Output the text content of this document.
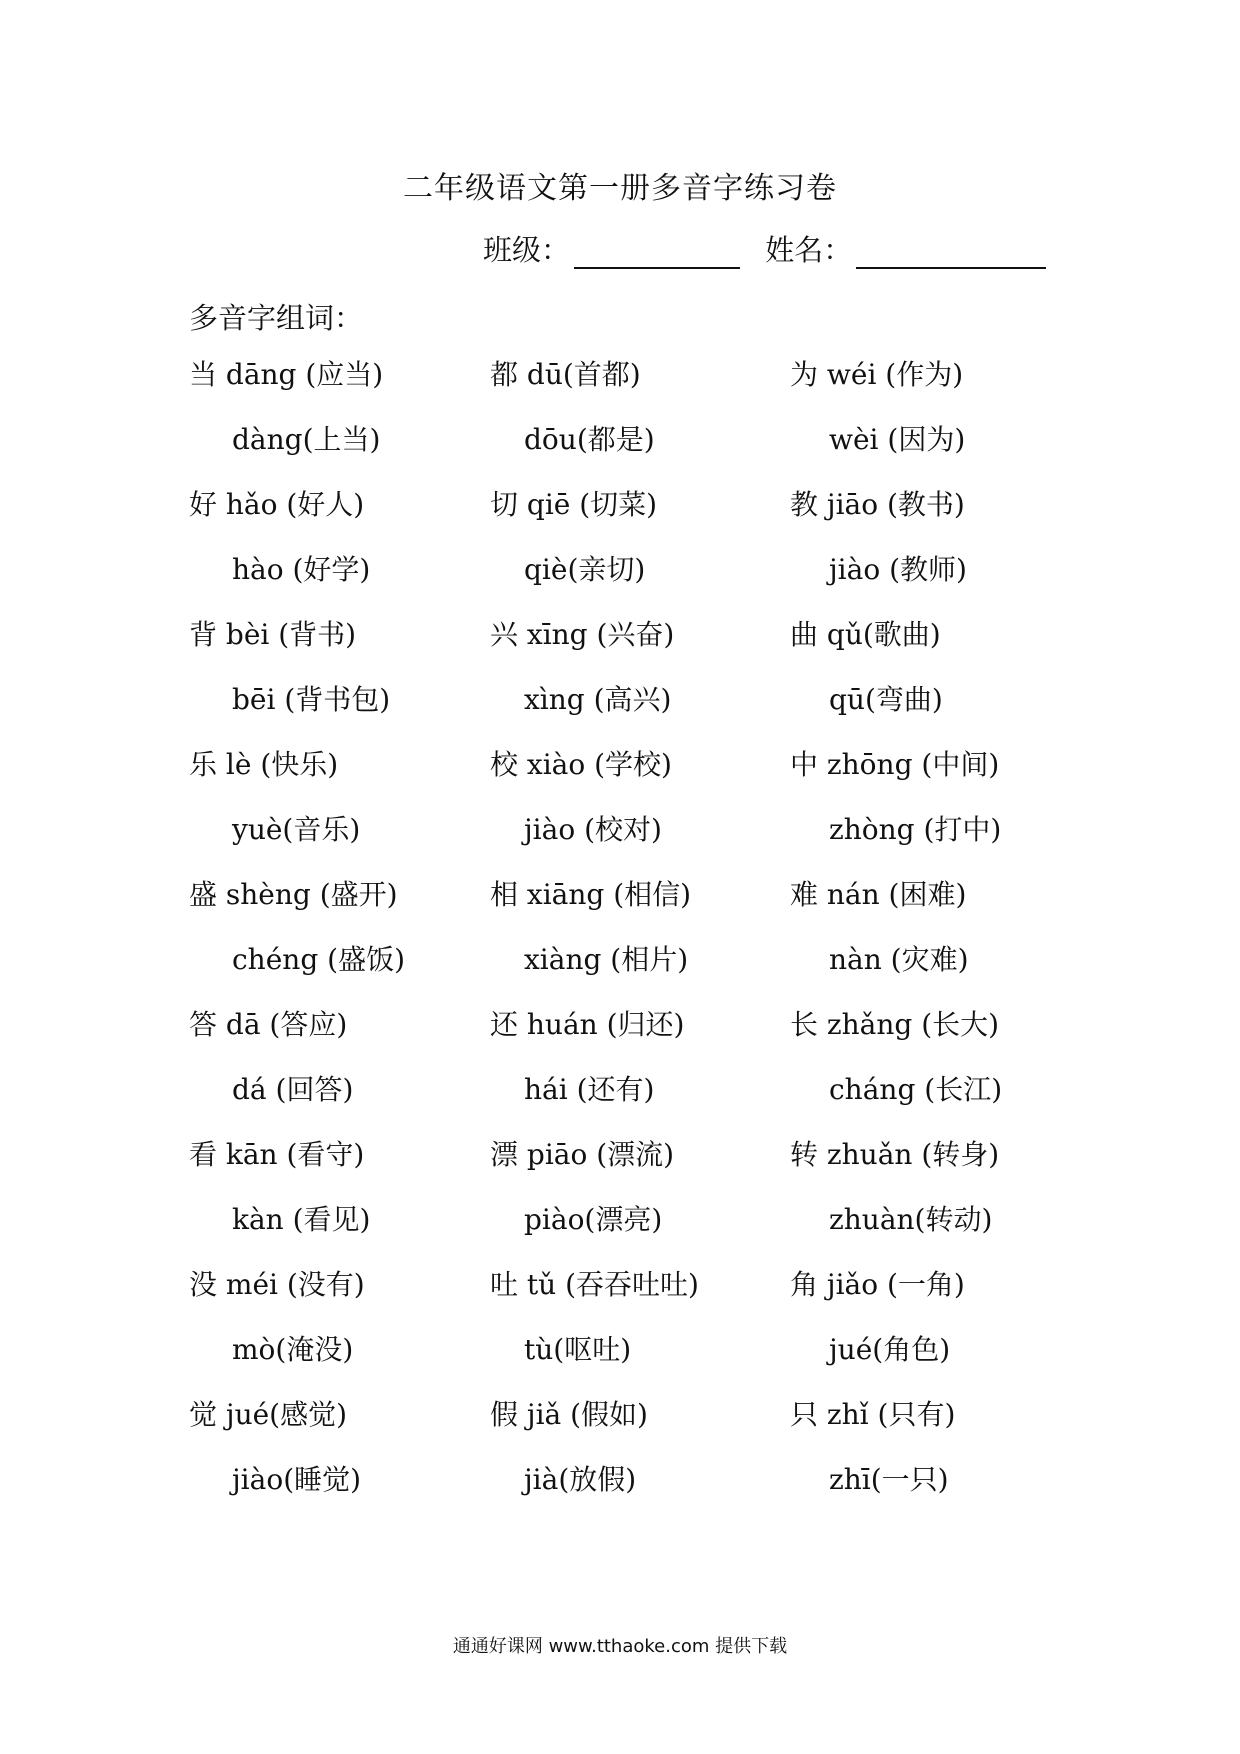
二年级语文第一册多音字练习卷
班级：	姓名：
多音字组词：
当 dāng (应当)	都 dū(首都)	为 wéi (作为)
dàng(上当)	dōu(都是)	wèi (因为)
好 hǎo (好人)	切 qiē (切菜)	教 jiāo (教书)
hào (好学)	qiè(亲切)	jiào (教师)
背 bèi (背书)	兴 xīng (兴奋)	曲 qǔ(歌曲)
bēi (背书包)	xìng (高兴)	qū(弯曲)
乐 lè (快乐)	校 xiào (学校)	中 zhōng (中间)
yuè(音乐)	jiào (校对)	zhòng (打中)
盛 shèng (盛开)	相 xiāng (相信)	难 nán (困难)
chéng (盛饭)	xiàng (相片)	nàn (灾难)
答 dā (答应)	还 huán (归还)	长 zhǎng (长大)
dá (回答)	hái (还有)	cháng (长江)
看 kān (看守)	漂 piāo (漂流)	转 zhuǎn (转身)
kàn (看见)	piào(漂亮)	zhuàn(转动)
没 méi (没有)	吐 tǔ (吞吞吐吐)	角 jiǎo (一角)
mò(淹没)	tù(呕吐)	jué(角色)
觉 jué(感觉)	假 jiǎ (假如)	只 zhǐ (只有)
jiào(睡觉)	jià(放假)	zhī(一只)
通通好课网 www.tthaoke.com 提供下载
